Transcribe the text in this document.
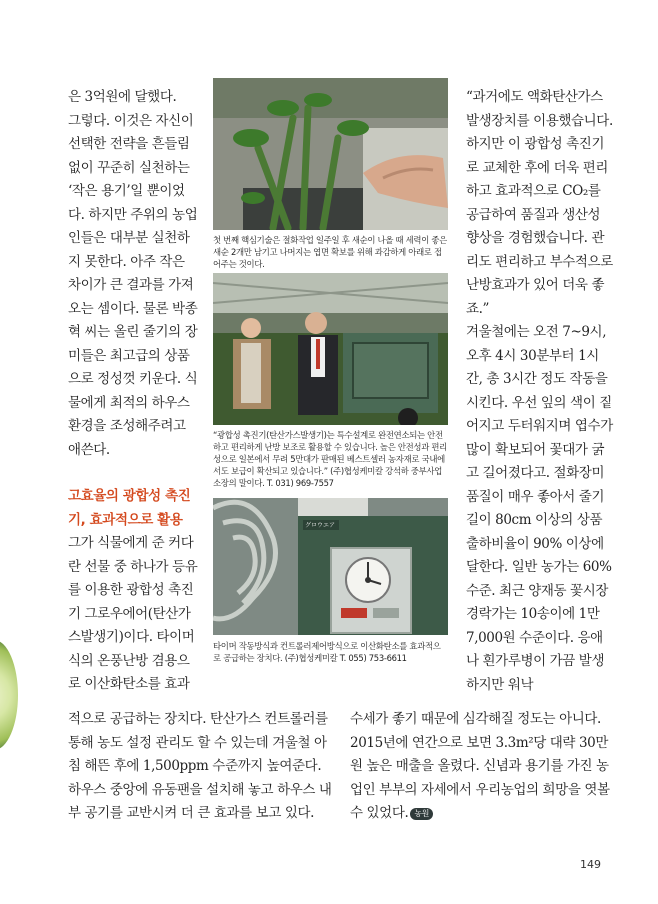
은 3억원에 달했다.

그렇다. 이것은 자신이 선택한 전략을 흔들림 없이 꾸준히 실천하는 ‘작은 용기’일 뿐이었다. 하지만 주위의 농업인들은 대부분 실천하지 못한다. 아주 작은 차이가 큰 결과를 가져오는 셈이다. 물론 박종혁 씨는 올린 줄기의 장미들은 최고급의 상품으로 정성껏 키운다. 식물에게 최적의 하우스 환경을 조성해주려고 애쓴다.

고효율의 광합성 촉진기, 효과적으로 활용

그가 식물에게 준 커다란 선물 중 하나가 등유를 이용한 광합성 촉진기 그로우에어(탄산가스발생기)이다. 타이머식의 온풍난방 겸용으로 이산화탄소를 효과

첫 번째 핵심기술은 절화작업 일주일 후 새순이 나올 때 세력이 좋은 새순 2개만 남기고 나머지는 엽면 확보를 위해 과감하게 아래로 접어주는 것이다.
“광합성 촉진기(탄산가스발생기)는 특수설계로 완전연소되는 안전하고 편리하게 난방 보조로 활용할 수 있습니다. 높은 안전성과 편리성으로 일본에서 무려 5만대가 판매된 베스트셀러 농자재로 국내에서도 보급이 확산되고 있습니다.” (주)협성케미칼 강석하 중부사업소장의 말이다. T. 031) 969-7557
グロウエア
타이머 작동방식과 컨트롤러제어방식으로 이산화탄소를 효과적으로 공급하는 장치다. (주)협성케미칼 T. 055) 753-6611

“과거에도 액화탄산가스 발생장치를 이용했습니다. 하지만 이 광합성 촉진기로 교체한 후에 더욱 편리하고 효과적으로 CO₂를 공급하여 품질과 생산성 향상을 경험했습니다. 관리도 편리하고 부수적으로 난방효과가 있어 더욱 좋죠.”

겨울철에는 오전 7~9시, 오후 4시 30분부터 1시간, 총 3시간 정도 작동을 시킨다. 우선 잎의 색이 짙어지고 두터워지며 엽수가 많이 확보되어 꽃대가 굵고 길어졌다고. 절화장미 품질이 매우 좋아서 줄기 길이 80cm 이상의 상품 출하비율이 90% 이상에 달한다. 일반 농가는 60% 수준. 최근 양재동 꽃시장 경락가는 10송이에 1만 7,000원 수준이다. 응애나 흰가루병이 가끔 발생하지만 워낙

적으로 공급하는 장치다. 탄산가스 컨트롤러를 통해 농도 설정 관리도 할 수 있는데 겨울철 아침 해뜬 후에 1,500ppm 수준까지 높여준다. 하우스 중앙에 유동팬을 설치해 놓고 하우스 내부 공기를 교반시켜 더 큰 효과를 보고 있다.

수세가 좋기 때문에 심각해질 정도는 아니다. 2015년에 연간으로 보면 3.3m²당 대략 30만원 높은 매출을 올렸다. 신념과 용기를 가진 농업인 부부의 자세에서 우리농업의 희망을 엿볼 수 있었다. 농원

149
